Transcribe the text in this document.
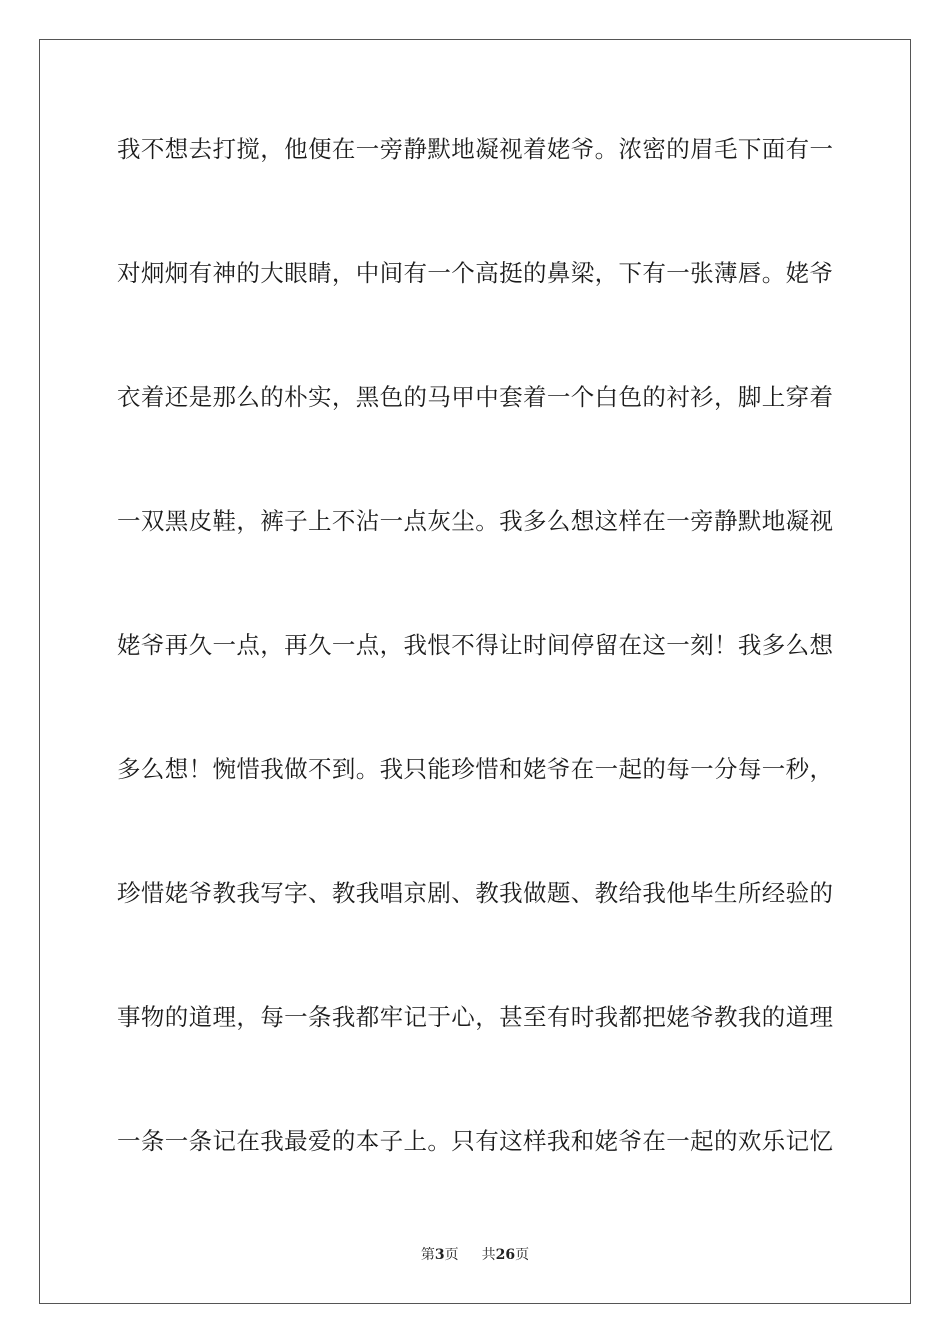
我不想去打搅，他便在一旁静默地凝视着姥爷。浓密的眉毛下面有一
对炯炯有神的大眼睛，中间有一个高挺的鼻梁，下有一张薄唇。姥爷
衣着还是那么的朴实，黑色的马甲中套着一个白色的衬衫，脚上穿着
一双黑皮鞋，裤子上不沾一点灰尘。我多么想这样在一旁静默地凝视
姥爷再久一点，再久一点，我恨不得让时间停留在这一刻！我多么想
多么想！惋惜我做不到。我只能珍惜和姥爷在一起的每一分每一秒，
珍惜姥爷教我写字、教我唱京剧、教我做题、教给我他毕生所经验的
事物的道理，每一条我都牢记于心，甚至有时我都把姥爷教我的道理
一条一条记在我最爱的本子上。只有这样我和姥爷在一起的欢乐记忆
第3页 共26页
